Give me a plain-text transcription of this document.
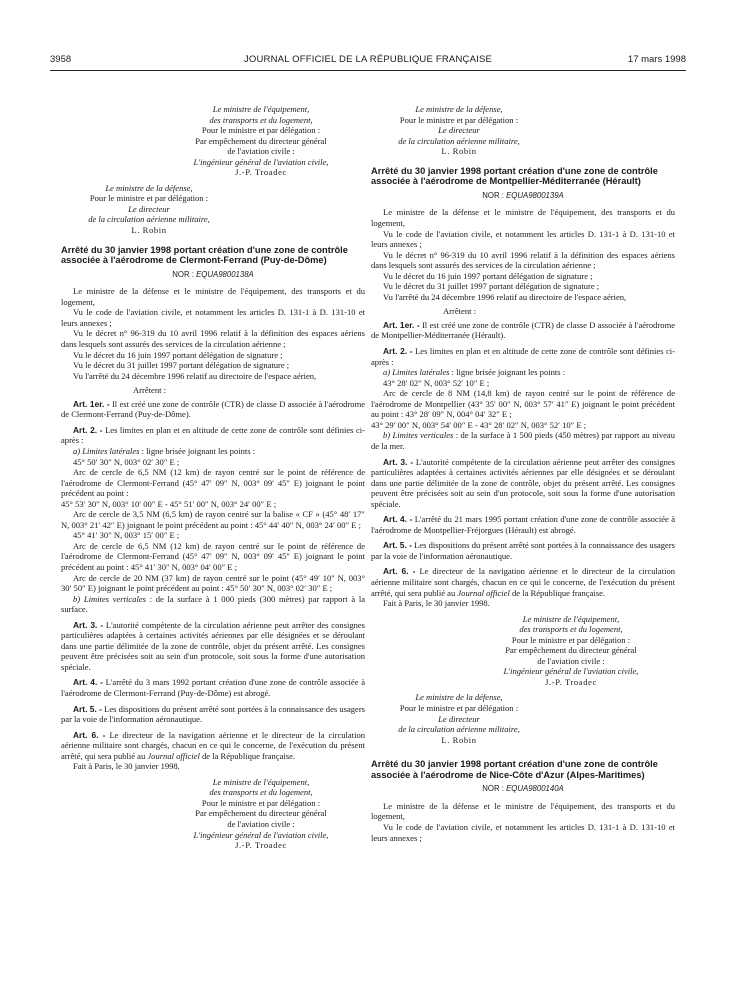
3958	JOURNAL OFFICIEL DE LA RÉPUBLIQUE FRANÇAISE	17 mars 1998
Le ministre de l'équipement,
des transports et du logement,
Pour le ministre et par délégation :
Par empêchement du directeur général
de l'aviation civile :
L'ingénieur général de l'aviation civile,
J.-P. Troadec
Le ministre de la défense,
Pour le ministre et par délégation :
Le directeur
de la circulation aérienne militaire,
L. Robin

Arrêté du 30 janvier 1998 portant création d'une zone de contrôle associée à l'aérodrome de Clermont-Ferrand (Puy-de-Dôme)

NOR : EQUA9800138A

Le ministre de la défense et le ministre de l'équipement, des transports et du logement,

Vu le code de l'aviation civile, et notamment les articles D. 131-1 à D. 131-10 et leurs annexes ;

Vu le décret n° 96-319 du 10 avril 1996 relatif à la définition des espaces aériens dans lesquels sont assurés des services de la circulation aérienne ;

Vu le décret du 16 juin 1997 portant délégation de signature ;

Vu le décret du 31 juillet 1997 portant délégation de signature ;

Vu l'arrêté du 24 décembre 1996 relatif au directoire de l'espace aérien,

Arrêtent :

Art. 1er. - Il est créé une zone de contrôle (CTR) de classe D associée à l'aérodrome de Clermont-Ferrand (Puy-de-Dôme).

Art. 2. - Les limites en plan et en altitude de cette zone de contrôle sont définies ci-après :

a) Limites latérales : ligne brisée joignant les points :

45° 50′ 30″ N, 003° 02′ 30″ E ;

Arc de cercle de 6,5 NM (12 km) de rayon centré sur le point de référence de l'aérodrome de Clermont-Ferrand (45° 47′ 09″ N, 003° 09′ 45″ E) joignant le point précédent au point :

45° 53′ 30″ N, 003° 10′ 00″ E - 45° 51′ 00″ N, 003° 24′ 00″ E ;

Arc de cercle de 3,5 NM (6,5 km) de rayon centré sur la balise « CF » (45° 48′ 17″ N, 003° 21′ 42″ E) joignant le point précédent au point : 45° 44′ 40″ N, 003° 24′ 00″ E ;

45° 41′ 30″ N, 003° 15′ 00″ E ;

Arc de cercle de 6,5 NM (12 km) de rayon centré sur le point de référence de l'aérodrome de Clermont-Ferrand (45° 47′ 09″ N, 003° 09′ 45″ E) joignant le point précédent au point : 45° 41′ 30″ N, 003° 04′ 00″ E ;

Arc de cercle de 20 NM (37 km) de rayon centré sur le point (45° 49′ 10″ N, 003° 30′ 50″ E) joignant le point précédent au point : 45° 50′ 30″ N, 003° 02′ 30″ E ;

b) Limites verticales : de la surface à 1 000 pieds (300 mètres) par rapport à la surface.

Art. 3. - L'autorité compétente de la circulation aérienne peut arrêter des consignes particulières adaptées à certaines activités aériennes par elle désignées et se déroulant dans une partie délimitée de la zone de contrôle, objet du présent arrêté. Les consignes peuvent être précisées soit au sein d'un protocole, soit sous la forme d'une autorisation spéciale.

Art. 4. - L'arrêté du 3 mars 1992 portant création d'une zone de contrôle associée à l'aérodrome de Clermont-Ferrand (Puy-de-Dôme) est abrogé.

Art. 5. - Les dispositions du présent arrêté sont portées à la connaissance des usagers par la voie de l'information aéronautique.

Art. 6. - Le directeur de la navigation aérienne et le directeur de la circulation aérienne militaire sont chargés, chacun en ce qui le concerne, de l'exécution du présent arrêté, qui sera publié au Journal officiel de la République française.

Fait à Paris, le 30 janvier 1998.

Le ministre de l'équipement,
des transports et du logement,
Pour le ministre et par délégation :
Par empêchement du directeur général
de l'aviation civile :
L'ingénieur général de l'aviation civile,
J.-P. Troadec
Le ministre de la défense,
Pour le ministre et par délégation :
Le directeur
de la circulation aérienne militaire,
L. Robin

Arrêté du 30 janvier 1998 portant création d'une zone de contrôle associée à l'aérodrome de Montpellier-Méditerranée (Hérault)

NOR : EQUA9800139A

Le ministre de la défense et le ministre de l'équipement, des transports et du logement,

Vu le code de l'aviation civile, et notamment les articles D. 131-1 à D. 131-10 et leurs annexes ;

Vu le décret n° 96-319 du 10 avril 1996 relatif à la définition des espaces aériens dans lesquels sont assurés des services de la circulation aérienne ;

Vu le décret du 16 juin 1997 portant délégation de signature ;

Vu le décret du 31 juillet 1997 portant délégation de signature ;

Vu l'arrêté du 24 décembre 1996 relatif au directoire de l'espace aérien,

Arrêtent :

Art. 1er. - Il est créé une zone de contrôle (CTR) de classe D associée à l'aérodrome de Montpellier-Méditerranée (Hérault).

Art. 2. - Les limites en plan et en altitude de cette zone de contrôle sont définies ci-après :

a) Limites latérales : ligne brisée joignant les points :

43° 28′ 02″ N, 003° 52′ 10″ E ;

Arc de cercle de 8 NM (14,8 km) de rayon centré sur le point de référence de l'aérodrome de Montpellier (43° 35′ 00″ N, 003° 57′ 41″ E) joignant le point précédent au point : 43° 28′ 09″ N, 004° 04′ 32″ E ;

43° 29′ 00″ N, 003° 54′ 00″ E - 43° 28′ 02″ N, 003° 52′ 10″ E ;

b) Limites verticales : de la surface à 1 500 pieds (450 mètres) par rapport au niveau de la mer.

Art. 3. - L'autorité compétente de la circulation aérienne peut arrêter des consignes particulières adaptées à certaines activités aériennes par elle désignées et se déroulant dans une partie délimitée de la zone de contrôle, objet du présent arrêté. Les consignes peuvent être précisées soit au sein d'un protocole, soit sous la forme d'une autorisation spéciale.

Art. 4. - L'arrêté du 21 mars 1995 portant création d'une zone de contrôle associée à l'aérodrome de Montpellier-Fréjorgues (Hérault) est abrogé.

Art. 5. - Les dispositions du présent arrêté sont portées à la connaissance des usagers par la voie de l'information aéronautique.

Art. 6. - Le directeur de la navigation aérienne et le directeur de la circulation aérienne militaire sont chargés, chacun en ce qui le concerne, de l'exécution du présent arrêté, qui sera publié au Journal officiel de la République française.

Fait à Paris, le 30 janvier 1998.

Le ministre de l'équipement,
des transports et du logement,
Pour le ministre et par délégation :
Par empêchement du directeur général
de l'aviation civile :
L'ingénieur général de l'aviation civile,
J.-P. Troadec
Le ministre de la défense,
Pour le ministre et par délégation :
Le directeur
de la circulation aérienne militaire,
L. Robin

Arrêté du 30 janvier 1998 portant création d'une zone de contrôle associée à l'aérodrome de Nice-Côte d'Azur (Alpes-Maritimes)

NOR : EQUA9800140A

Le ministre de la défense et le ministre de l'équipement, des transports et du logement,

Vu le code de l'aviation civile, et notamment les articles D. 131-1 à D. 131-10 et leurs annexes ;
